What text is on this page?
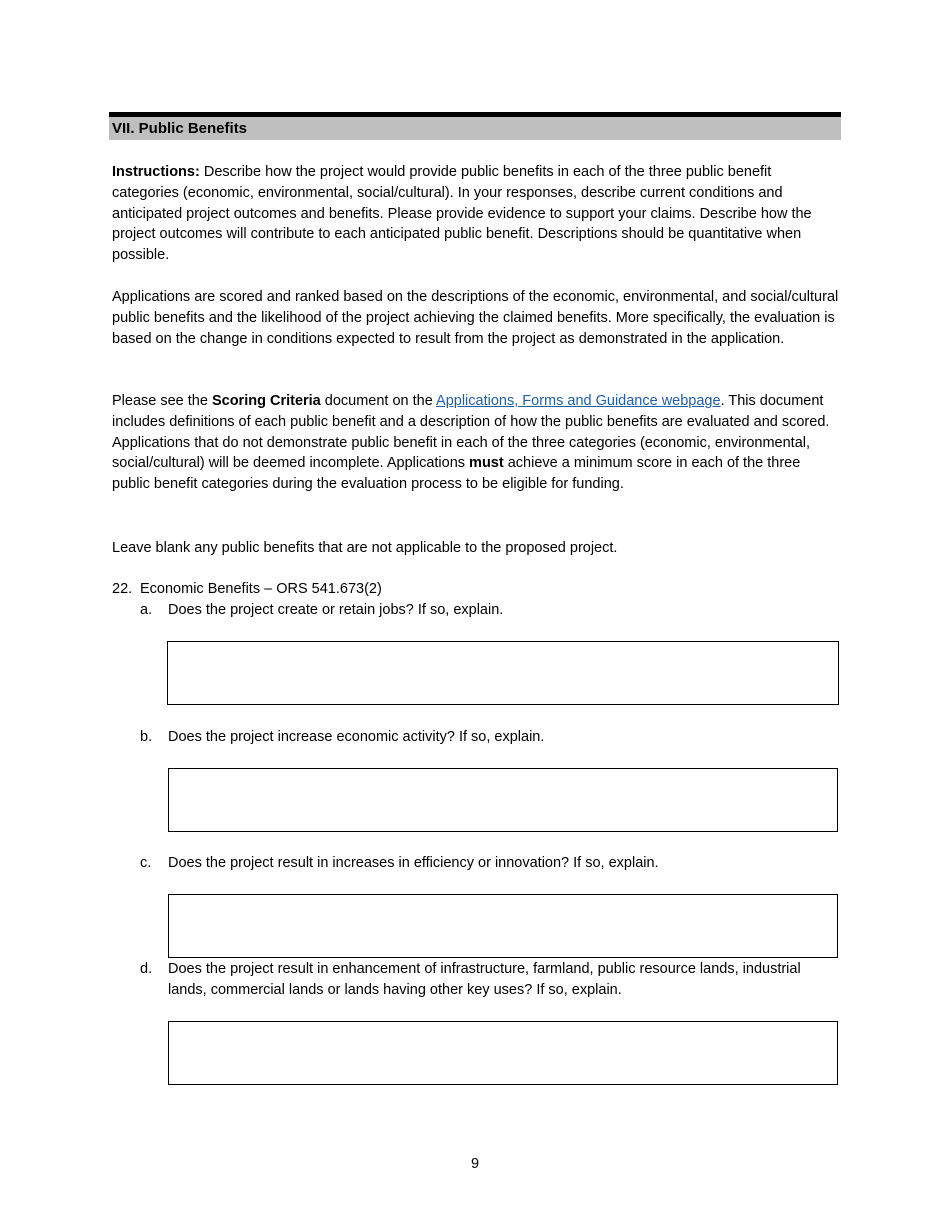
VII. Public Benefits

Instructions: Describe how the project would provide public benefits in each of the three public benefit categories (economic, environmental, social/cultural). In your responses, describe current conditions and anticipated project outcomes and benefits. Please provide evidence to support your claims. Describe how the project outcomes will contribute to each anticipated public benefit. Descriptions should be quantitative when possible.

Applications are scored and ranked based on the descriptions of the economic, environmental, and social/cultural public benefits and the likelihood of the project achieving the claimed benefits. More specifically, the evaluation is based on the change in conditions expected to result from the project as demonstrated in the application.

Please see the Scoring Criteria document on the Applications, Forms and Guidance webpage. This document includes definitions of each public benefit and a description of how the public benefits are evaluated and scored. Applications that do not demonstrate public benefit in each of the three categories (economic, environmental, social/cultural) will be deemed incomplete. Applications must achieve a minimum score in each of the three public benefit categories during the evaluation process to be eligible for funding.

Leave blank any public benefits that are not applicable to the proposed project.

22. Economic Benefits – ORS 541.673(2)
a. Does the project create or retain jobs? If so, explain.
b. Does the project increase economic activity? If so, explain.
c. Does the project result in increases in efficiency or innovation? If so, explain.
d. Does the project result in enhancement of infrastructure, farmland, public resource lands, industrial lands, commercial lands or lands having other key uses? If so, explain.
9
